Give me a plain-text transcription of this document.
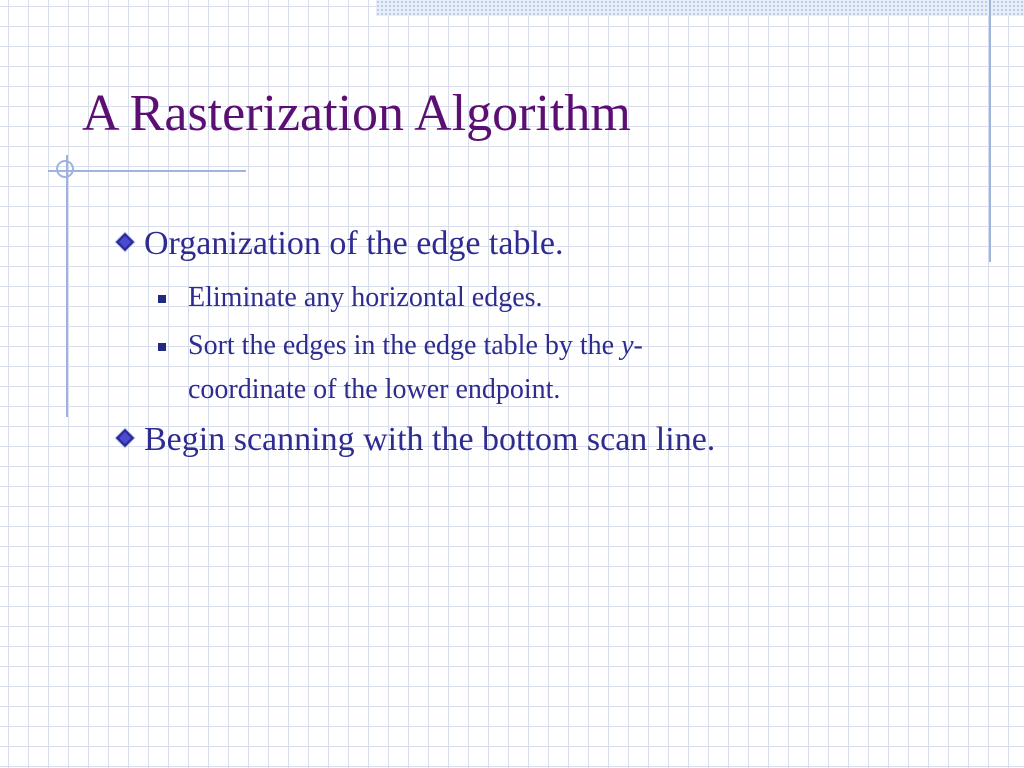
A Rasterization Algorithm
Organization of the edge table.
Eliminate any horizontal edges.
Sort the edges in the edge table by the y-
coordinate of the lower endpoint.
Begin scanning with the bottom scan line.
